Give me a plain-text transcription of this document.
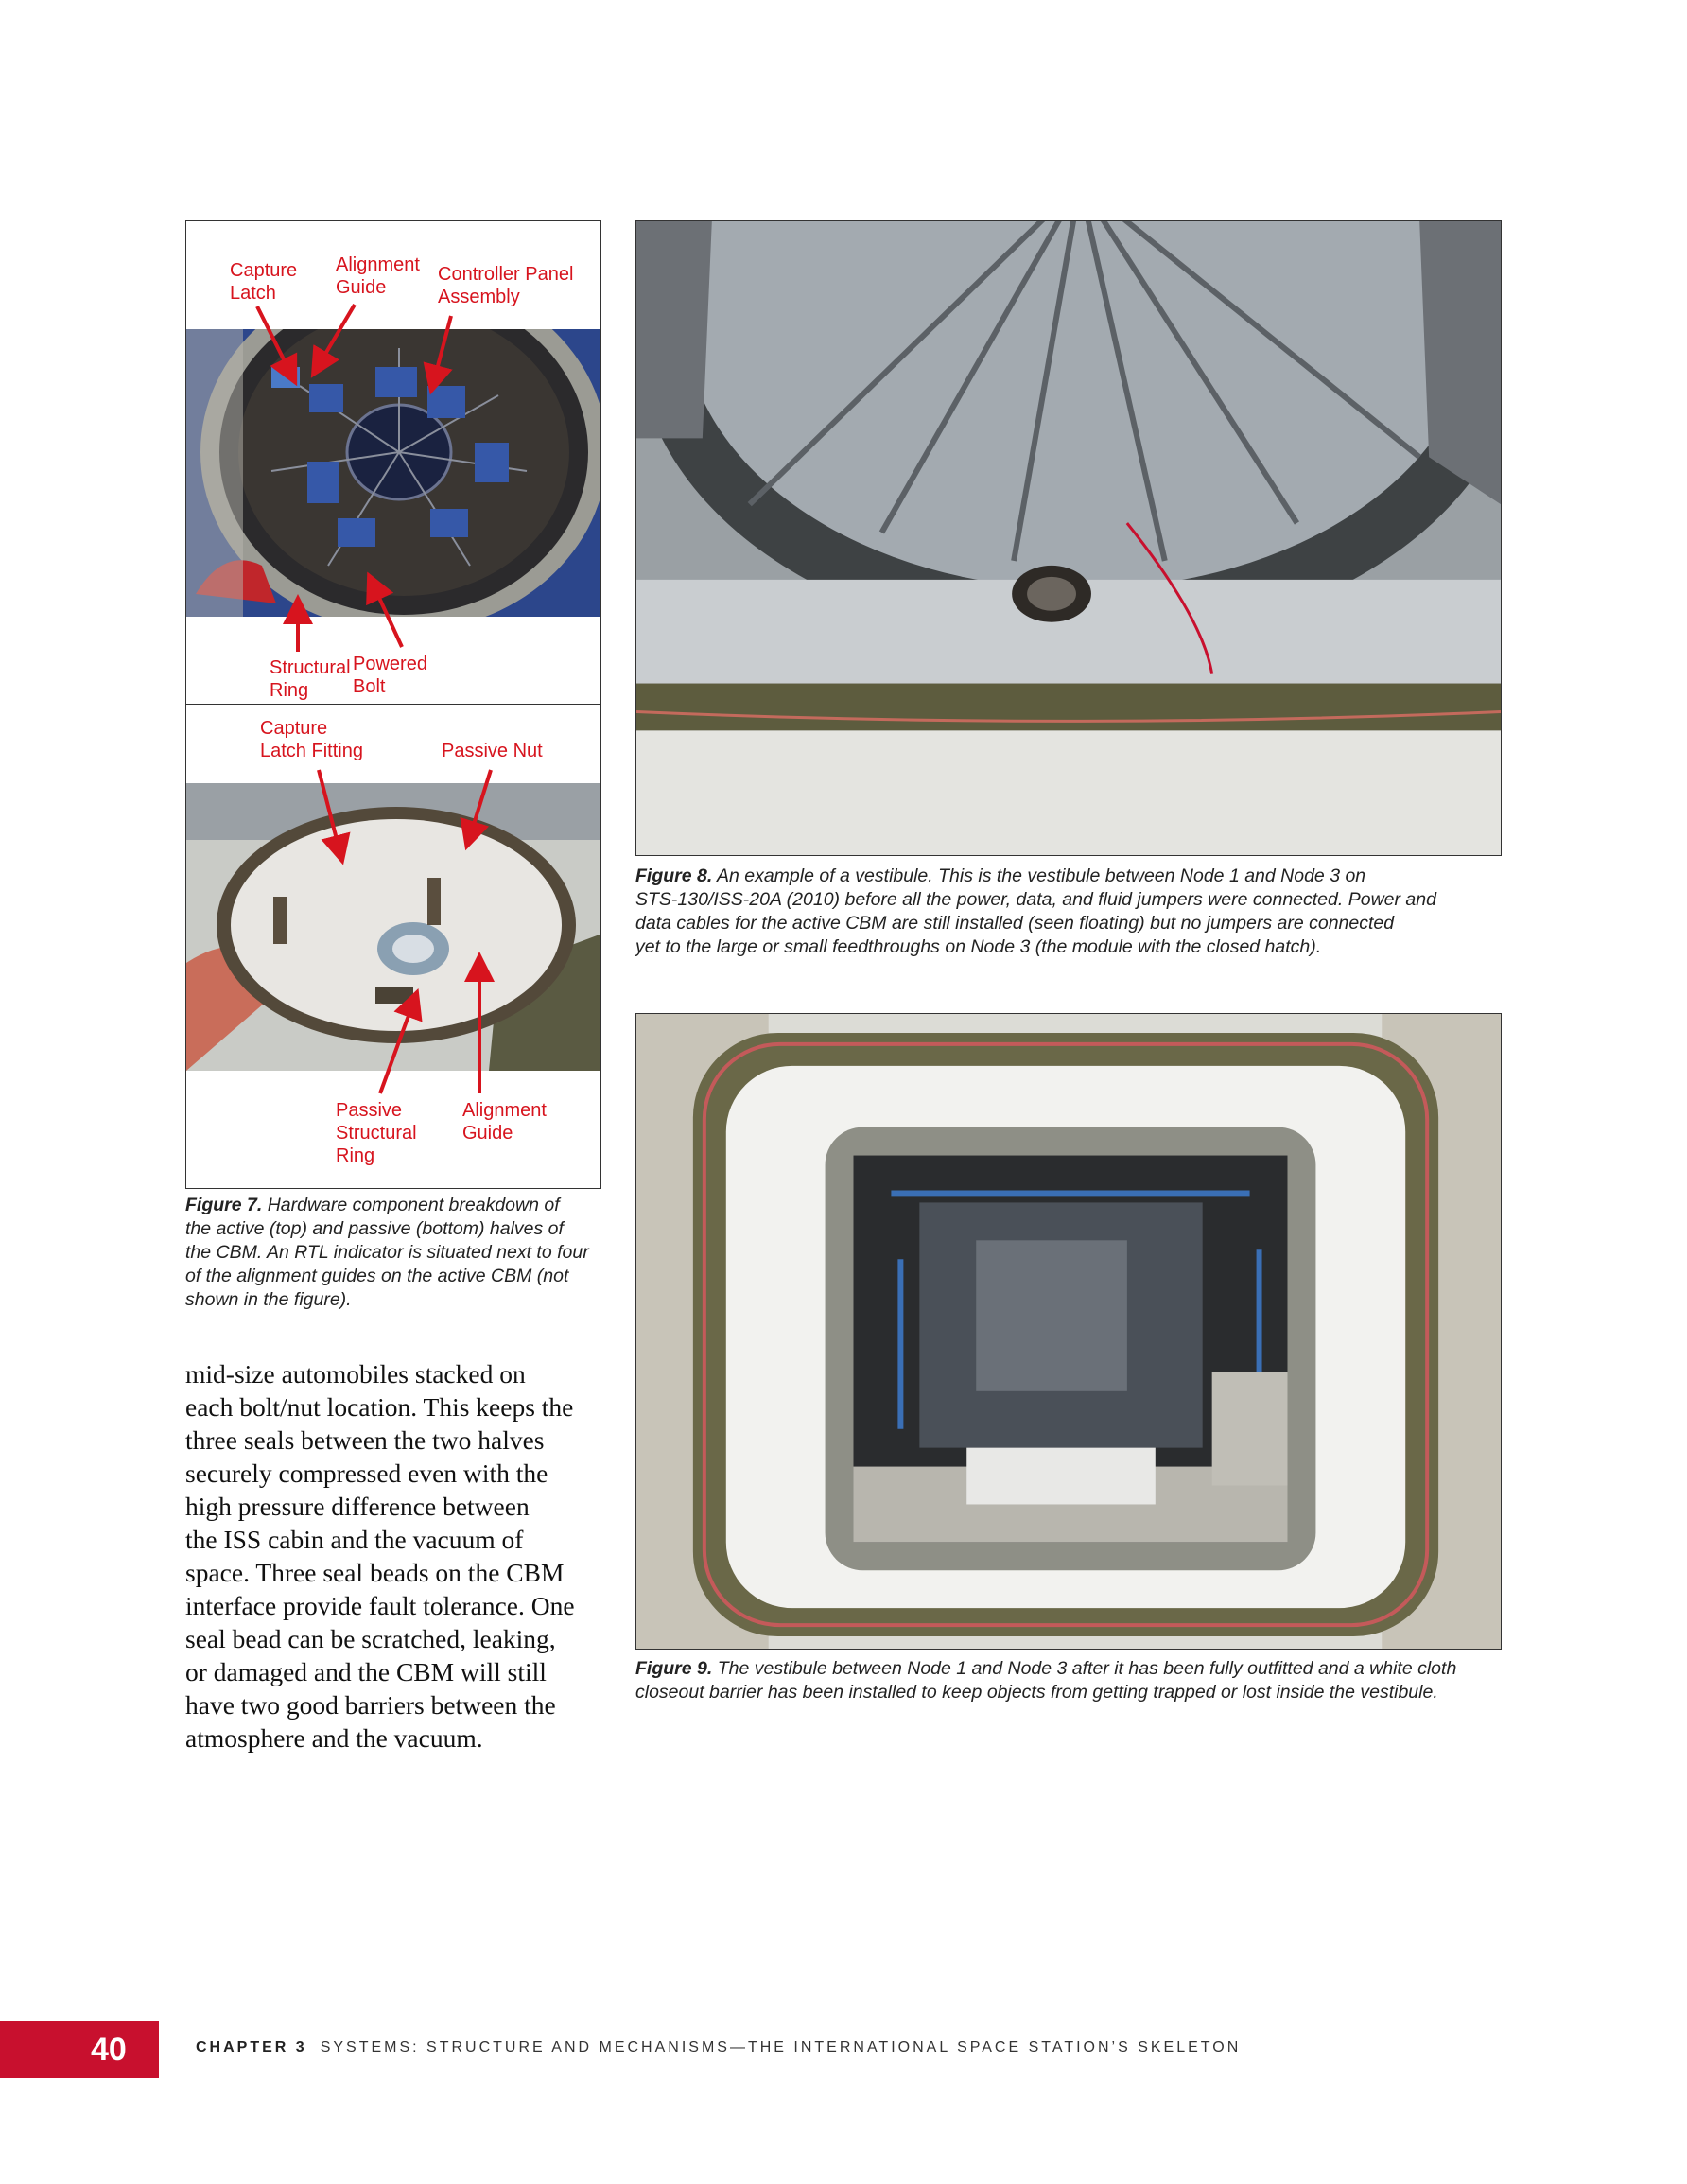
Capture
Latch
Alignment
Guide
Controller Panel
Assembly
Structural
Ring
Powered
Bolt
Capture
Latch Fitting	Passive Nut
Passive
Structural
Ring
Alignment
Guide
Figure 7. Hardware component breakdown of
the active (top) and passive (bottom) halves of
the CBM. An RTL indicator is situated next to four
of the alignment guides on the active CBM (not
shown in the figure).
Figure 8. An example of a vestibule. This is the vestibule between Node 1 and Node 3 on
STS-130/ISS-20A (2010) before all the power, data, and fluid jumpers were connected. Power and
data cables for the active CBM are still installed (seen floating) but no jumpers are connected
yet to the large or small feedthroughs on Node 3 (the module with the closed hatch).
Figure 9. The vestibule between Node 1 and Node 3 after it has been fully outfitted and a white cloth
closeout barrier has been installed to keep objects from getting trapped or lost inside the vestibule.
mid-size automobiles stacked on
each bolt/nut location. This keeps the
three seals between the two halves
securely compressed even with the
high pressure difference between
the ISS cabin and the vacuum of
space. Three seal beads on the CBM
interface provide fault tolerance. One
seal bead can be scratched, leaking,
or damaged and the CBM will still
have two good barriers between the
atmosphere and the vacuum.
40	CHAPTER 3 SYSTEMS: STRUCTURE AND MECHANISMS—THE INTERNATIONAL SPACE STATION’S SKELETON
